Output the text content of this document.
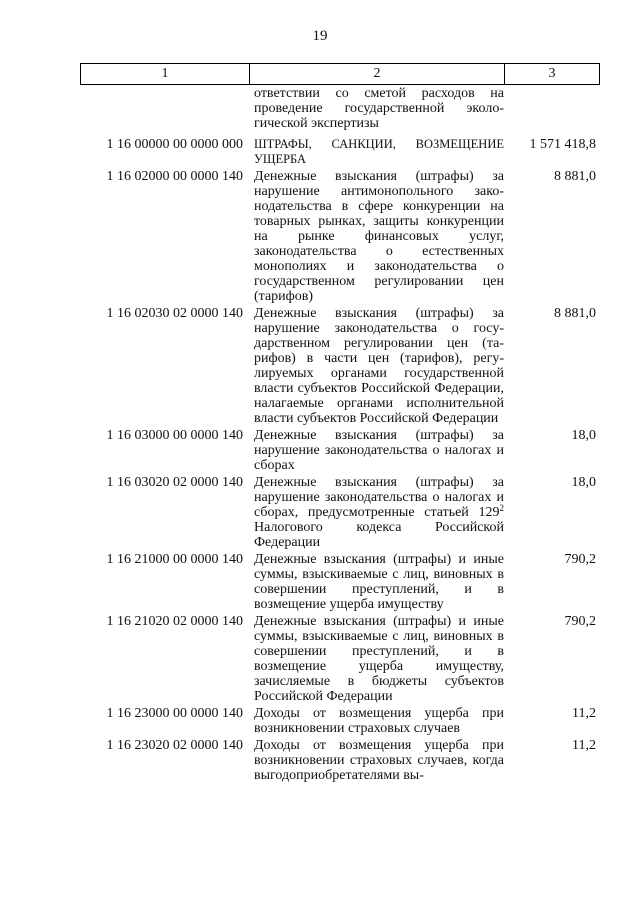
19
1	2	3
ответствии со сметой расходов на проведение государственной экологической экспертизы
1 16 00000 00 0000 000 ШТРАФЫ, САНКЦИИ, ВОЗМЕЩЕНИЕ УЩЕРБА
1 571 418,8
1 16 02000 00 0000 140 Денежные взыскания (штрафы) за нарушение антимонопольного законодательства в сфере конкуренции на товарных рынках, защиты конкуренции на рынке финансовых услуг, законодательства о естественных монополиях и законодательства о государственном регулировании цен (тарифов)
8 881,0
1 16 02030 02 0000 140 Денежные взыскания (штрафы) за нарушение законодательства о государственном регулировании цен (тарифов) в части цен (тарифов), регулируемых органами государственной власти субъектов Российской Федерации, налагаемые органами исполнительной власти субъектов Российской Федерации
8 881,0
1 16 03000 00 0000 140 Денежные взыскания (штрафы) за нарушение законодательства о налогах и сборах
18,0
1 16 03020 02 0000 140 Денежные взыскания (штрафы) за нарушение законодательства о налогах и сборах, предусмотренные статьей $129^2$ Налогового кодекса Российской Федерации
18,0
1 16 21000 00 0000 140 Денежные взыскания (штрафы) и иные суммы, взыскиваемые с лиц, виновных в совершении преступлений, и в возмещение ущерба имуществу
790,2
1 16 21020 02 0000 140 Денежные взыскания (штрафы) и иные суммы, взыскиваемые с лиц, виновных в совершении преступлений, и в возмещение ущерба имуществу, зачисляемые в бюджеты субъектов Российской Федерации
790,2
1 16 23000 00 0000 140 Доходы от возмещения ущерба при возникновении страховых случаев
11,2
1 16 23020 02 0000 140 Доходы от возмещения ущерба при возникновении страховых случаев, когда выгодоприобретателями вы-
11,2
